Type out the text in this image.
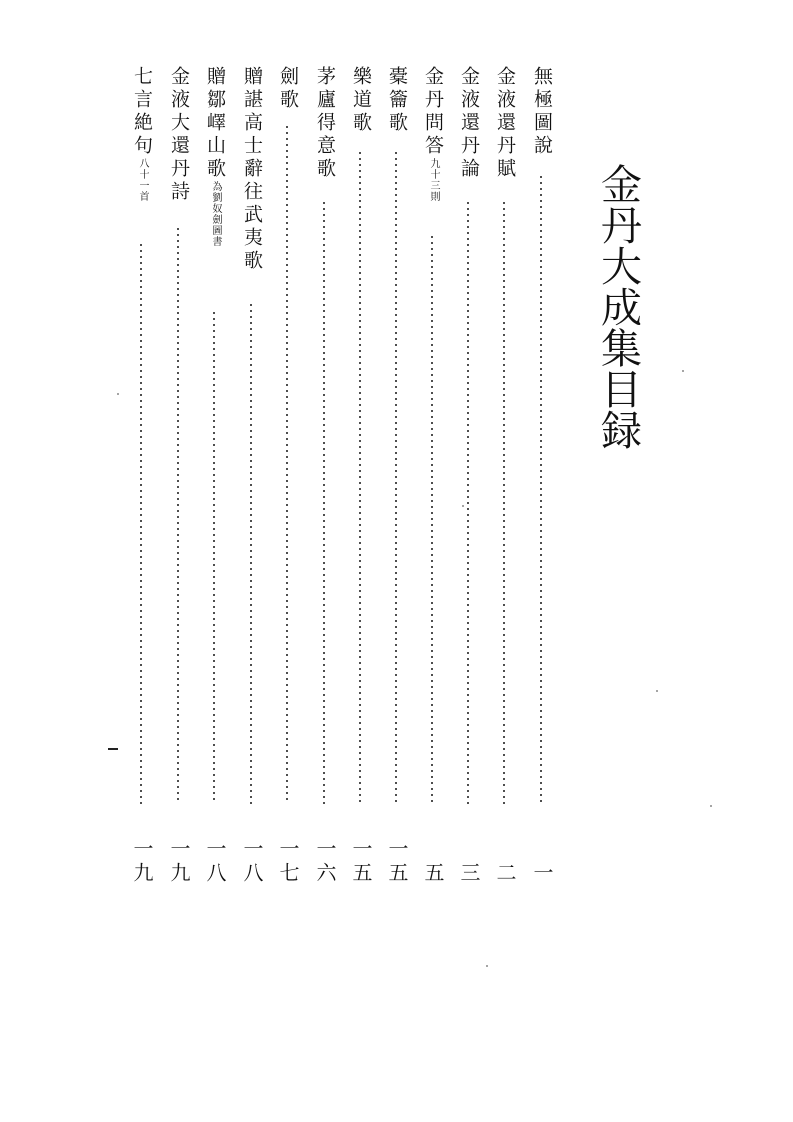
金丹大成集目録
無極圖說
一
金液還丹賦
二
金液還丹論
三
金丹問答九十三則
五
橐籥歌
一五
樂道歌
一五
茅廬得意歌
一六
劍歌
一七
贈諶高士辭往武夷歌
一八
贈鄒嶧山歌為劉奴劍圖書
一八
金液大還丹詩
一九
七言絶句八十一首
一九
